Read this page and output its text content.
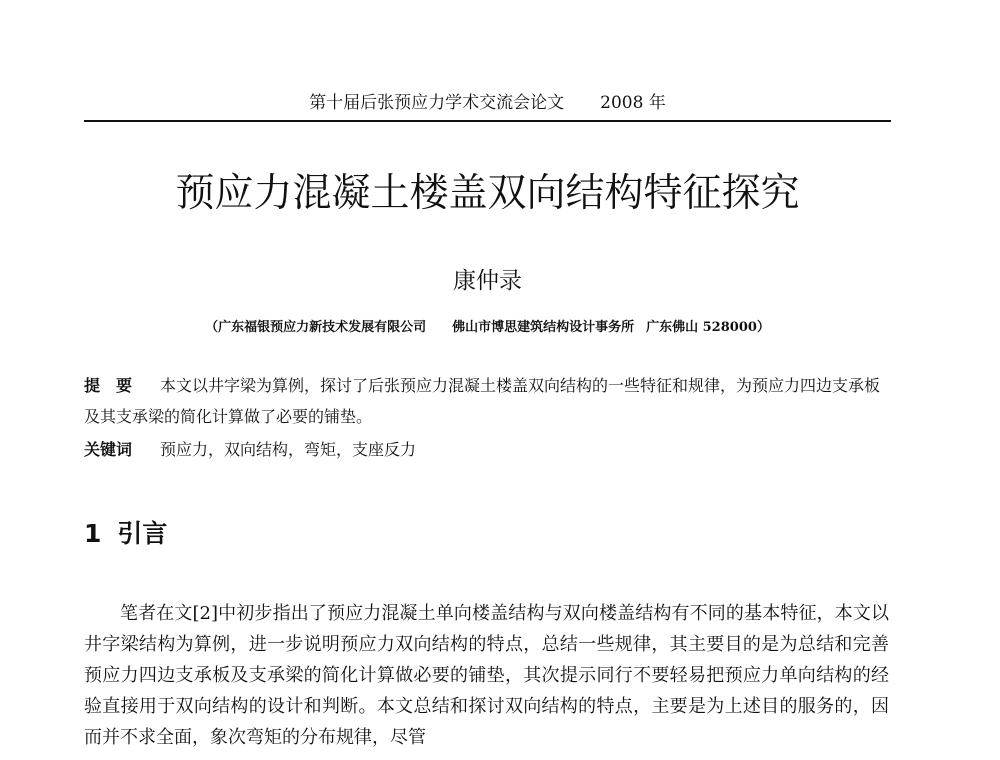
第十届后张预应力学术交流会论文 2008 年
预应力混凝土楼盖双向结构特征探究
康仲录
（广东福银预应力新技术发展有限公司 佛山市博思建筑结构设计事务所 广东佛山 528000）

提　要 本文以井字梁为算例，探讨了后张预应力混凝土楼盖双向结构的一些特征和规律，为预应力四边支承板及其支承梁的简化计算做了必要的铺垫。

关键词 预应力，双向结构，弯矩，支座反力

1 引言

笔者在文[2]中初步指出了预应力混凝土单向楼盖结构与双向楼盖结构有不同的基本特征，本文以井字梁结构为算例，进一步说明预应力双向结构的特点，总结一些规律，其主要目的是为总结和完善预应力四边支承板及支承梁的简化计算做必要的铺垫，其次提示同行不要轻易把预应力单向结构的经验直接用于双向结构的设计和判断。本文总结和探讨双向结构的特点，主要是为上述目的服务的，因而并不求全面，象次弯矩的分布规律，尽管
